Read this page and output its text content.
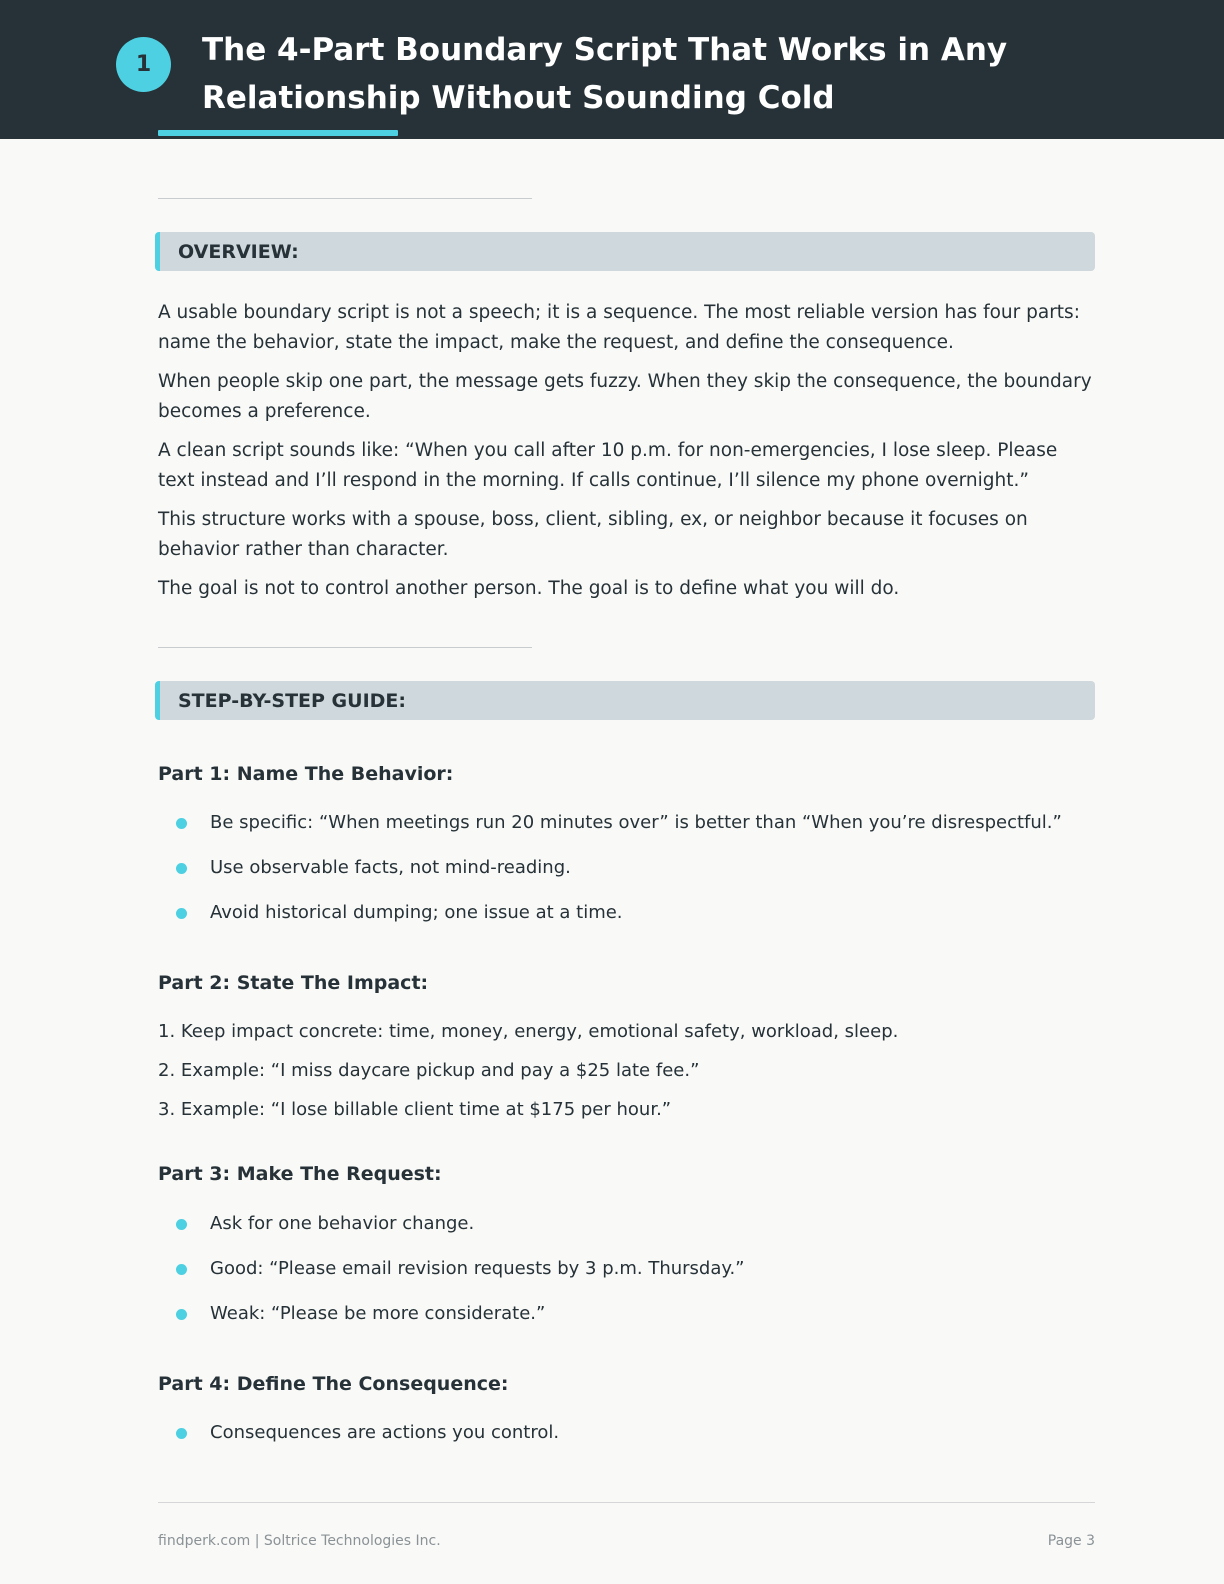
1	The 4-Part Boundary Script That Works in Any
Relationship Without Sounding Cold
OVERVIEW:

A usable boundary script is not a speech; it is a sequence. The most reliable version has four parts: name the behavior, state the impact, make the request, and define the consequence.

When people skip one part, the message gets fuzzy. When they skip the consequence, the boundary becomes a preference.

A clean script sounds like: “When you call after 10 p.m. for non-emergencies, I lose sleep. Please text instead and I’ll respond in the morning. If calls continue, I’ll silence my phone overnight.”

This structure works with a spouse, boss, client, sibling, ex, or neighbor because it focuses on behavior rather than character.

The goal is not to control another person. The goal is to define what you will do.

STEP-BY-STEP GUIDE:
Part 1: Name The Behavior:
Be specific: “When meetings run 20 minutes over” is better than “When you’re disrespectful.”
Use observable facts, not mind-reading.
Avoid historical dumping; one issue at a time.
Part 2: State The Impact:
1. Keep impact concrete: time, money, energy, emotional safety, workload, sleep.
2. Example: “I miss daycare pickup and pay a $25 late fee.”
3. Example: “I lose billable client time at $175 per hour.”
Part 3: Make The Request:
Ask for one behavior change.
Good: “Please email revision requests by 3 p.m. Thursday.”
Weak: “Please be more considerate.”
Part 4: Define The Consequence:
Consequences are actions you control.
findperk.com | Soltrice Technologies Inc.	Page 3
